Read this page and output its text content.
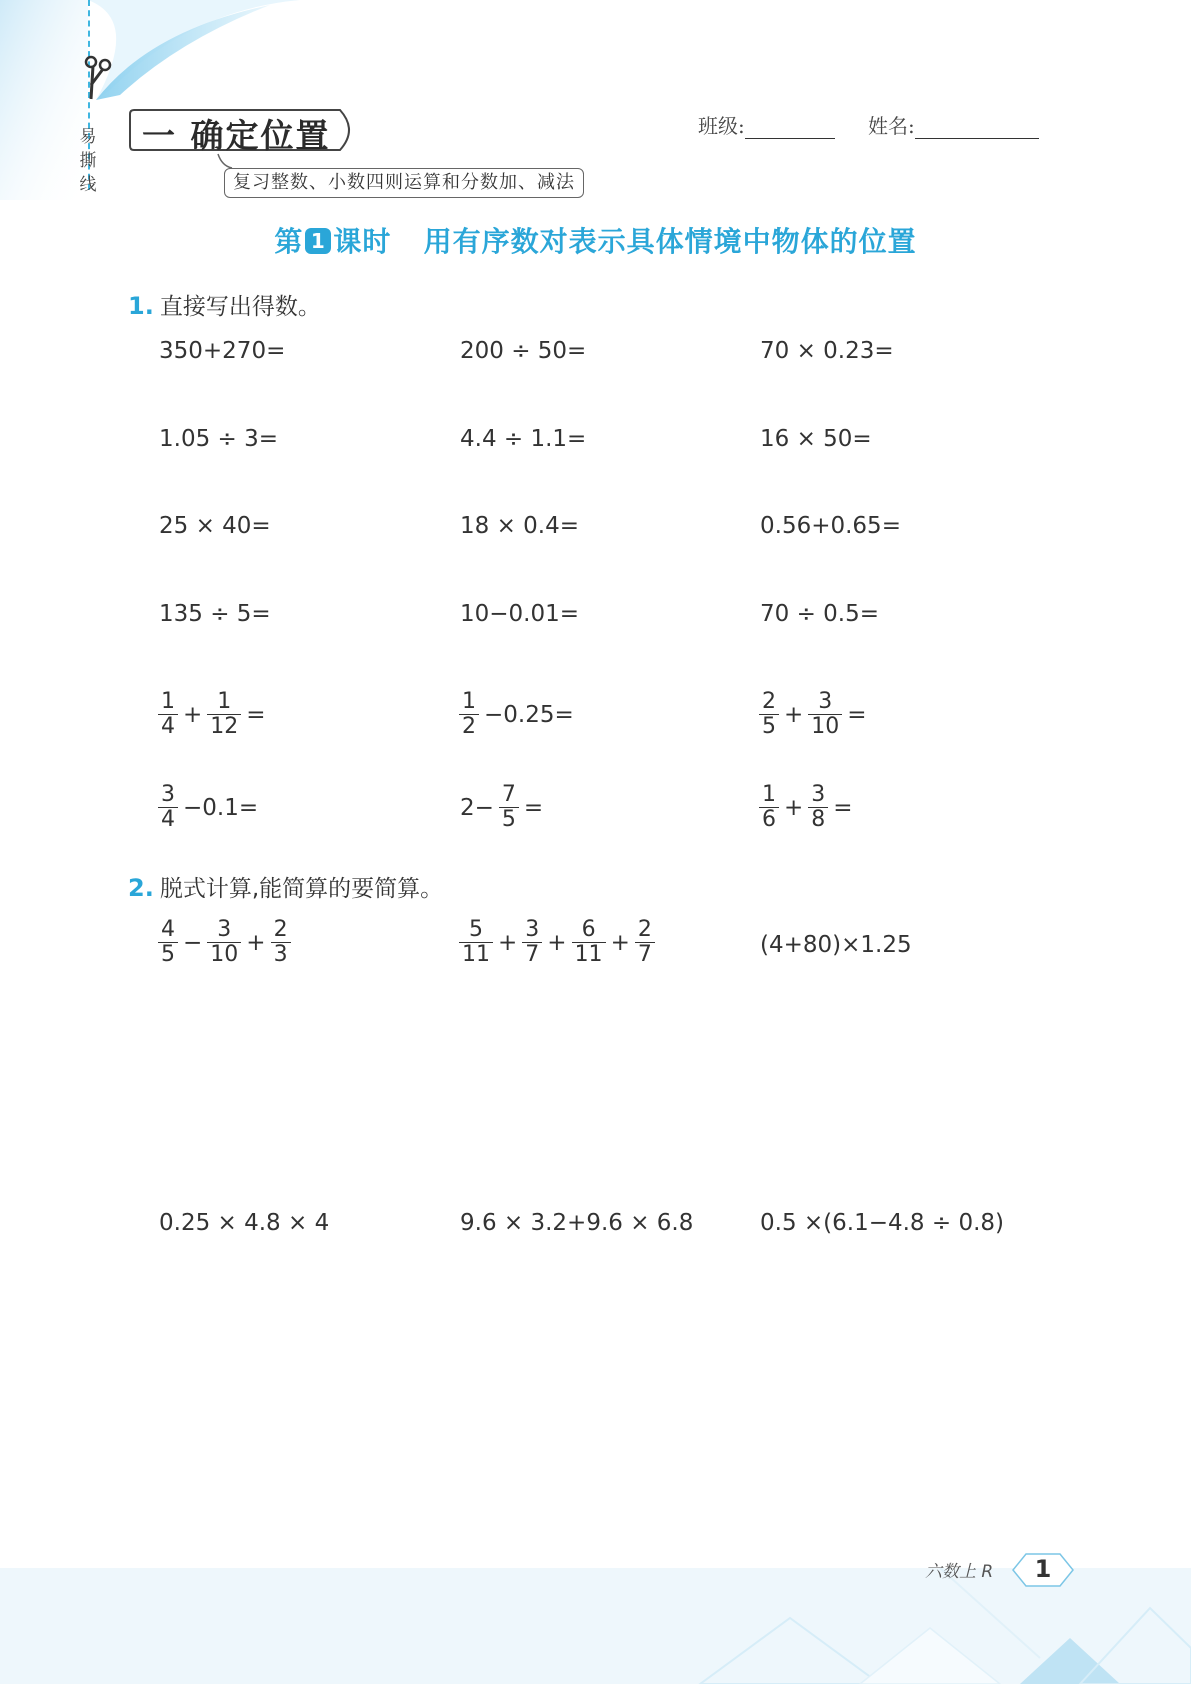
易
撕
线
一 确定位置
复习整数、小数四则运算和分数加、减法
班级:	姓名:
第 1 课时   用有序数对表示具体情境中物体的位置
1. 直接写出得数。
350+270=	200 ÷ 50=	70 × 0.23=
1.05 ÷ 3=	4.4 ÷ 1.1=	16 × 50=
25 × 40=	18 × 0.4=	0.56+0.65=
135 ÷ 5=	10−0.01=	70 ÷ 0.5=
$\frac{1}{4} + \frac{1}{12}$ =	$\frac{1}{2} -0.25=$	$\frac{2}{5} + \frac{3}{10}$ =
$\frac{3}{4} -0.1=$	$2- \frac{7}{5}$ =	$\frac{1}{6} + \frac{3}{8}$ =
2. 脱式计算,能简算的要简算。
$\frac{4}{5} - \frac{3}{10} + \frac{2}{3}$	$\frac{5}{11} + \frac{3}{7} + \frac{6}{11} + \frac{2}{7}$	(4+80)×1.25
0.25 × 4.8 × 4	9.6 × 3.2+9.6 × 6.8	0.5 ×(6.1−4.8 ÷ 0.8)
六数上 R	1
